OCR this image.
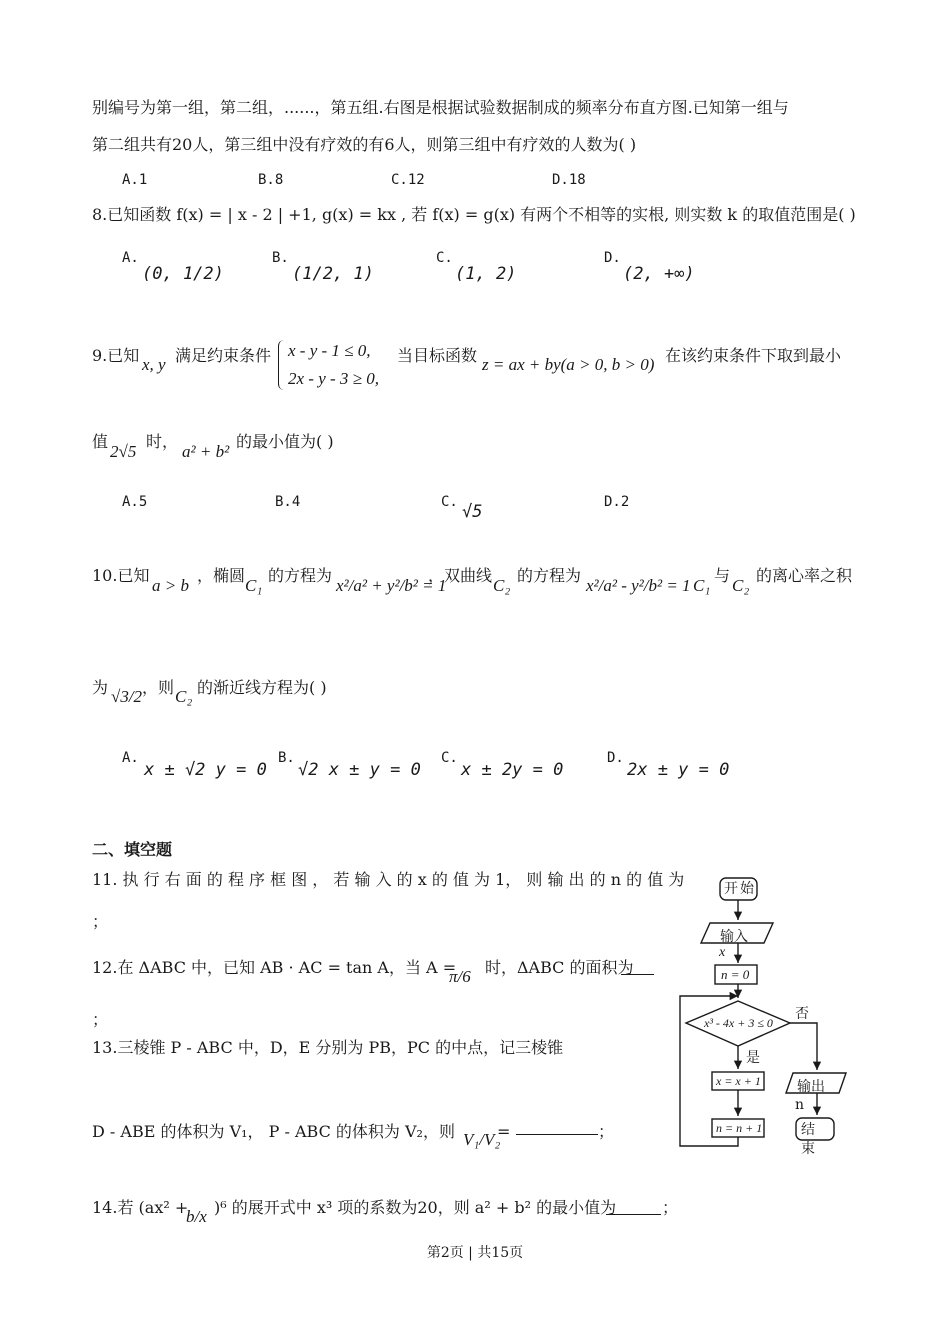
别编号为第一组，第二组，......，第五组.右图是根据试验数据制成的频率分布直方图.已知第一组与
第二组共有20人，第三组中没有疗效的有6人，则第三组中有疗效的人数为( )
A.1	B.8	C.12	D.18
8.已知函数 f(x) = | x - 2 | +1, g(x) = kx , 若 f(x) = g(x) 有两个不相等的实根, 则实数 k 的取值范围是( )
A.
(0, 1/2)
B.
(1/2, 1)
C.
(1, 2)
D.
(2, +∞)
9.已知 x, y 满足约束条件 x - y - 1 ≤ 0,
2x - y - 3 ≥ 0,
当目标函数 z = ax + by(a > 0, b > 0) 在该约束条件下取到最小
值
2√5
时，
a² + b²
的最小值为( )
A.5	B.4	C. √5	D.2
10.已知
a > b
，椭圆
C₁
的方程为
x²/a² + y²/b² = 1
，双曲线
C₂
的方程为
x²/a² - y²/b² = 1 C₁
与
C₂
的离心率之积
为 √3/2 ，则 C₂ 的渐近线方程为( )
A.
x ± √2 y = 0
B.
√2 x ± y = 0
C.
x ± 2y = 0
D.
2x ± y = 0
二、填空题
11. 执 行 右 面 的 程 序 框 图 ， 若 输 入 的 x 的 值 为 1， 则 输 出 的 n 的 值 为
；
12.在 ΔABC 中，已知 AB · AC = tan A，当 A =
π/6 时，ΔABC 的面积为
；
13.三棱锥 P - ABC 中，D，E 分别为 PB，PC 的中点，记三棱锥
D - ABE 的体积为 V₁， P - ABC 的体积为 V₂，则 V₁/V₂
=	；
14.若 (ax² +
b/x )⁶ 的展开式中 x³ 项的系数为20，则 a² + b² 的最小值为	；
开始
输入
x
n = 0
x³ - 4x + 3 ≤ 0
否
是
x = x + 1
n = n + 1
输出
n
结束
第2页 | 共15页
